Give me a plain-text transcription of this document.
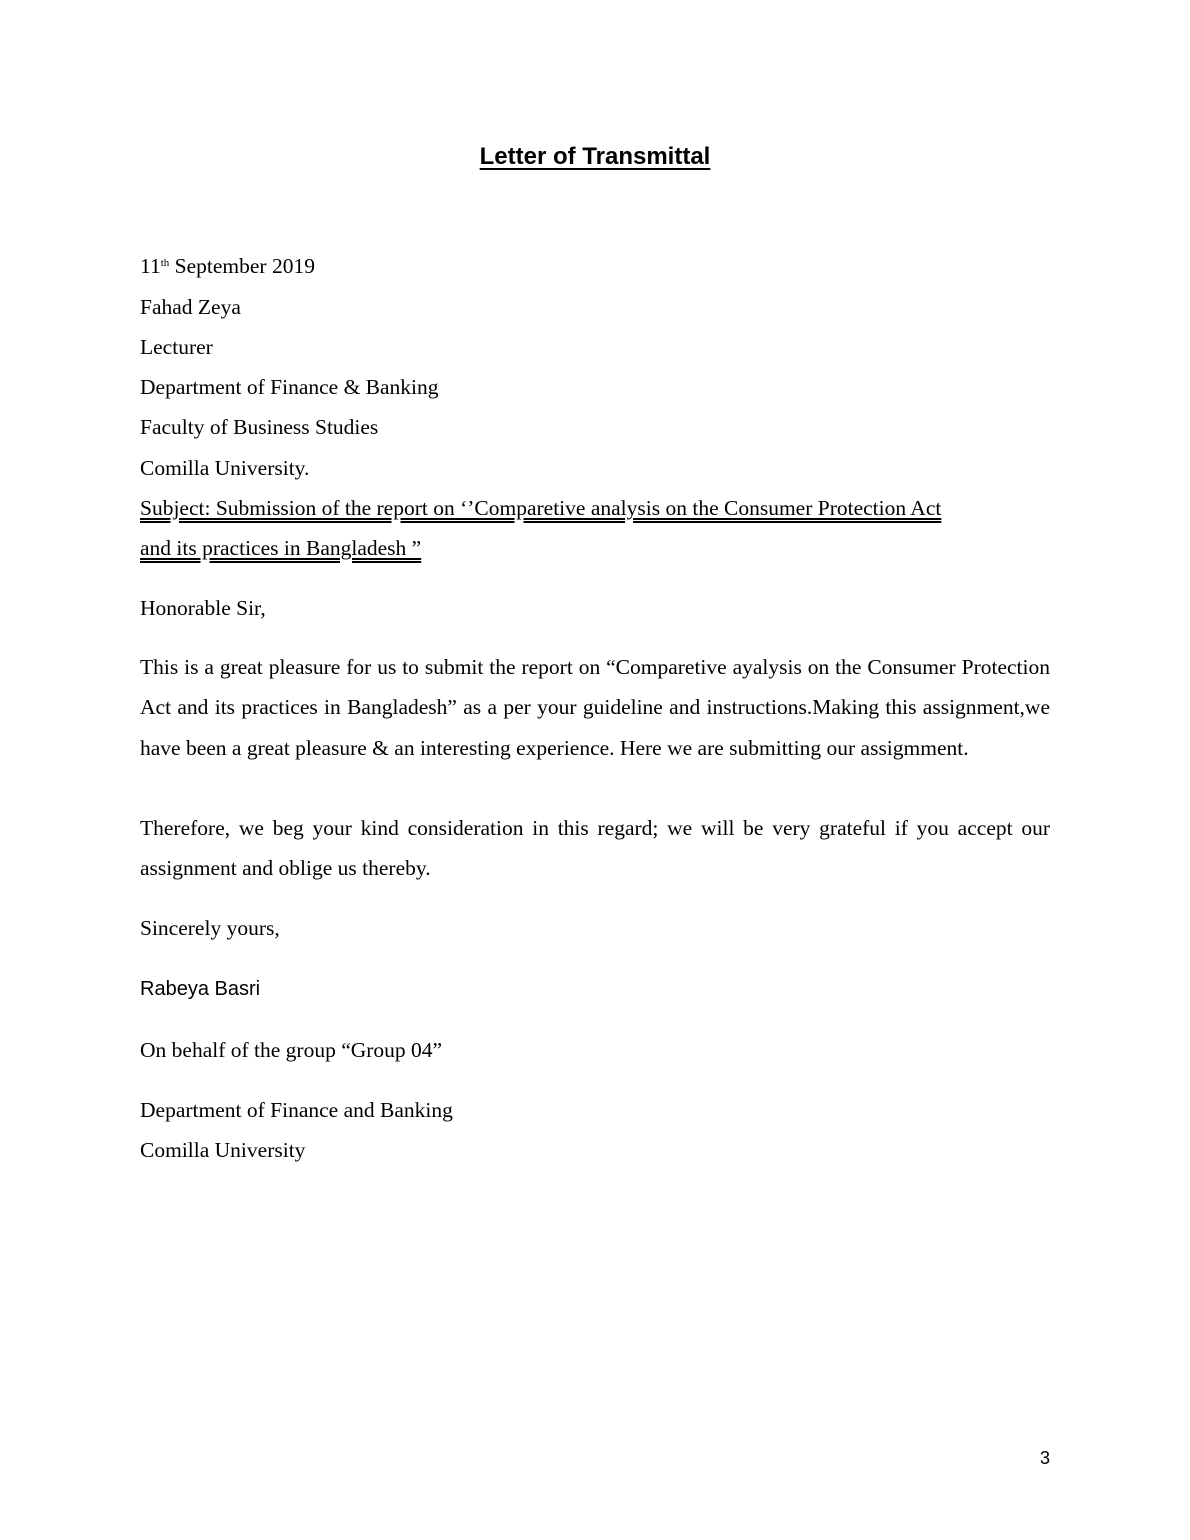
Letter of Transmittal
11th September 2019
Fahad Zeya
Lecturer
Department of Finance & Banking
Faculty of Business Studies
Comilla University.
Subject: Submission of the report on ‘’Comparetive analysis on the Consumer Protection Act
and its practices in Bangladesh ”
Honorable Sir,
This is a great pleasure for us to submit the report on “Comparetive ayalysis on the Consumer Protection Act and its practices in Bangladesh” as a per your guideline and instructions.Making this assignment,we have been a great pleasure & an interesting experience. Here we are submitting our assigmment.
Therefore, we beg your kind consideration in this regard; we will be very grateful if you accept our assignment and oblige us thereby.
Sincerely yours,
Rabeya Basri
On behalf of the group “Group 04”
Department of Finance and Banking
Comilla University
3
